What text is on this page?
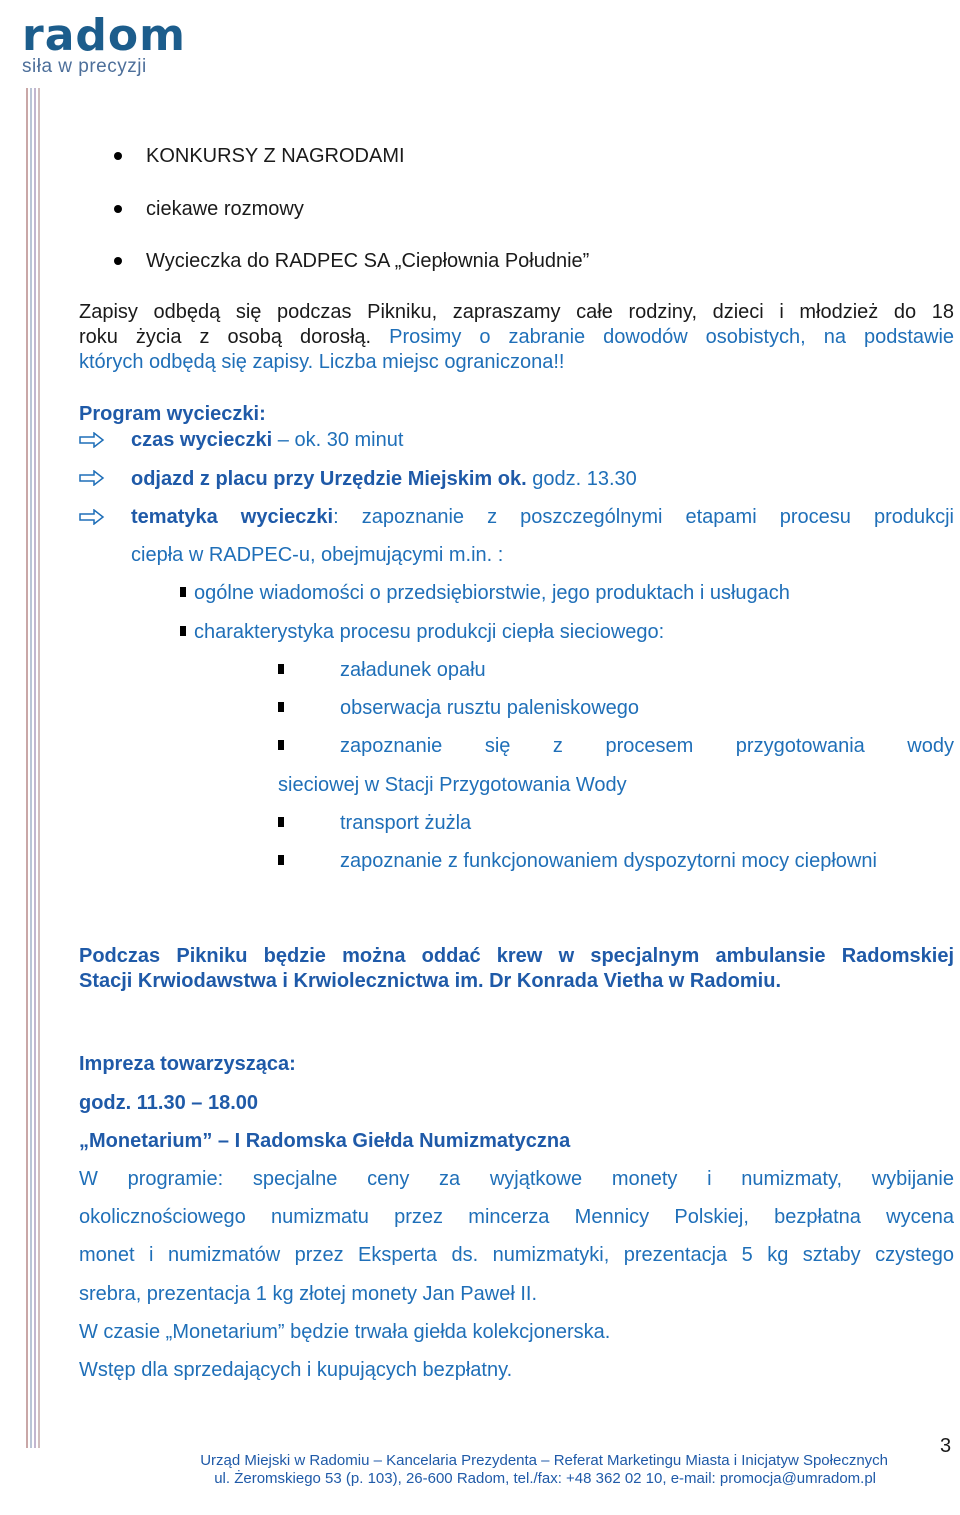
radom
siła w precyzji
KONKURSY Z NAGRODAMI
ciekawe rozmowy
Wycieczka do RADPEC SA „Ciepłownia Południe”
Zapisy odbędą się podczas Pikniku, zapraszamy całe rodziny, dzieci i młodzież do 18
roku życia z osobą dorosłą. Prosimy o zabranie dowodów osobistych, na podstawie
których odbędą się zapisy. Liczba miejsc ograniczona!!
Program wycieczki:
czas wycieczki – ok. 30 minut
odjazd z placu przy Urzędzie Miejskim ok. godz. 13.30
tematyka wycieczki: zapoznanie z poszczególnymi etapami procesu produkcji
ciepła w RADPEC-u, obejmującymi m.in. :
ogólne wiadomości o przedsiębiorstwie, jego produktach i usługach
charakterystyka procesu produkcji ciepła sieciowego:
załadunek opału
obserwacja rusztu paleniskowego
zapoznanie się z procesem przygotowania wody
sieciowej w Stacji Przygotowania Wody
transport żużla
zapoznanie z funkcjonowaniem dyspozytorni mocy ciepłowni
Podczas Pikniku będzie można oddać krew w specjalnym ambulansie Radomskiej
Stacji Krwiodawstwa i Krwiolecznictwa im. Dr Konrada Vietha w Radomiu.
Impreza towarzysząca:
godz. 11.30 – 18.00
„Monetarium” – I Radomska Giełda Numizmatyczna
W programie: specjalne ceny za wyjątkowe monety i numizmaty, wybijanie
okolicznościowego numizmatu przez mincerza Mennicy Polskiej, bezpłatna wycena
monet i numizmatów przez Eksperta ds. numizmatyki, prezentacja 5 kg sztaby czystego
srebra, prezentacja 1 kg złotej monety Jan Paweł II.
W czasie „Monetarium” będzie trwała giełda kolekcjonerska.
Wstęp dla sprzedających i kupujących bezpłatny.
Urząd Miejski w Radomiu – Kancelaria Prezydenta – Referat Marketingu Miasta i Inicjatyw Społecznych
ul. Żeromskiego 53 (p. 103), 26-600 Radom, tel./fax: +48 362 02 10, e-mail: promocja@umradom.pl
3
